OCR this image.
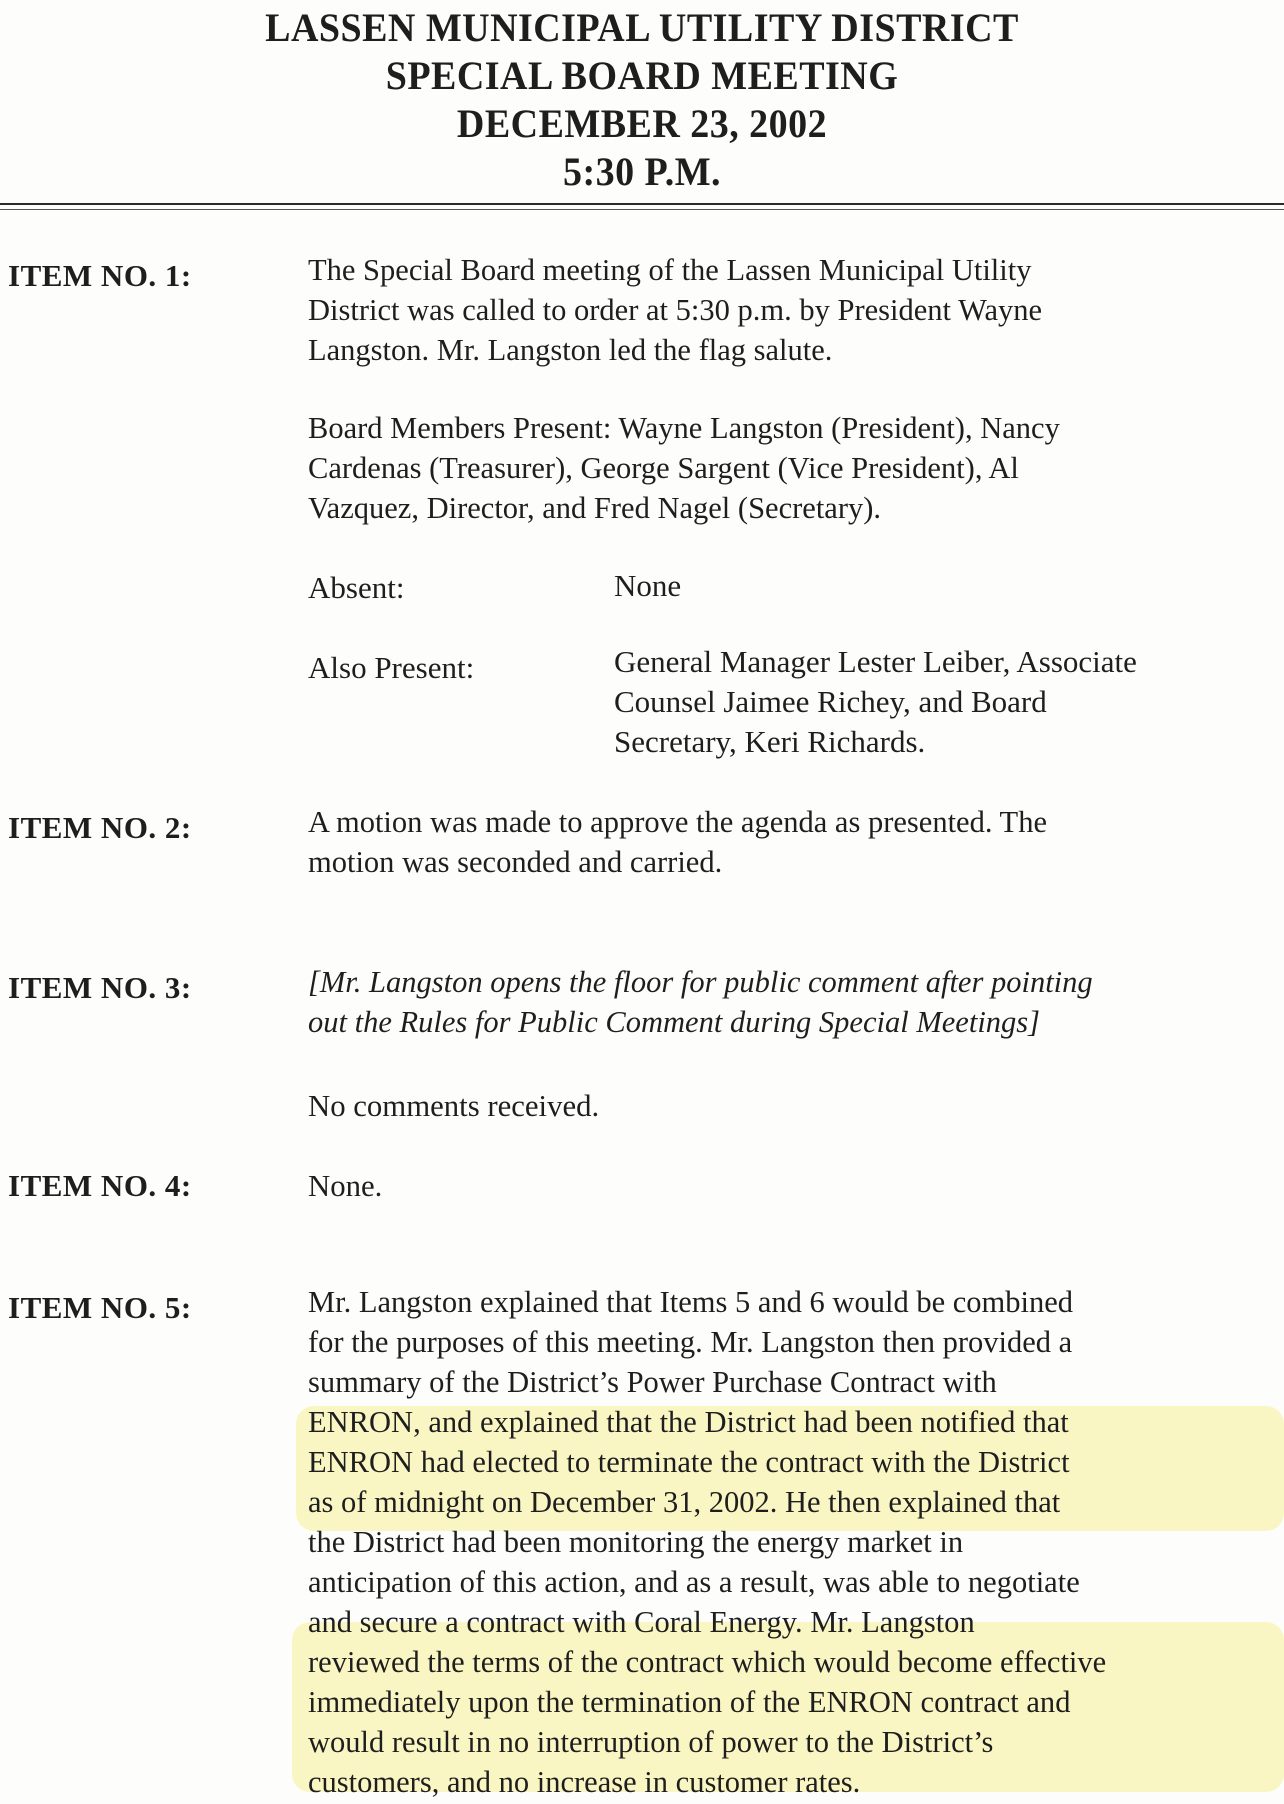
LASSEN MUNICIPAL UTILITY DISTRICT
SPECIAL BOARD MEETING
DECEMBER 23, 2002
5:30 P.M.
ITEM NO. 1:	The Special Board meeting of the Lassen Municipal Utility
District was called to order at 5:30 p.m. by President Wayne
Langston. Mr. Langston led the flag salute.
Board Members Present: Wayne Langston (President), Nancy
Cardenas (Treasurer), George Sargent (Vice President), Al
Vazquez, Director, and Fred Nagel (Secretary).
Absent:	None
Also Present:	General Manager Lester Leiber, Associate
Counsel Jaimee Richey, and Board
Secretary, Keri Richards.
ITEM NO. 2:	A motion was made to approve the agenda as presented. The
motion was seconded and carried.
ITEM NO. 3:	[Mr. Langston opens the floor for public comment after pointing
out the Rules for Public Comment during Special Meetings]
No comments received.
ITEM NO. 4:	None.
ITEM NO. 5:	Mr. Langston explained that Items 5 and 6 would be combined
for the purposes of this meeting. Mr. Langston then provided a
summary of the District’s Power Purchase Contract with
ENRON, and explained that the District had been notified that
ENRON had elected to terminate the contract with the District
as of midnight on December 31, 2002. He then explained that
the District had been monitoring the energy market in
anticipation of this action, and as a result, was able to negotiate
and secure a contract with Coral Energy. Mr. Langston
reviewed the terms of the contract which would become effective
immediately upon the termination of the ENRON contract and
would result in no interruption of power to the District’s
customers, and no increase in customer rates.
